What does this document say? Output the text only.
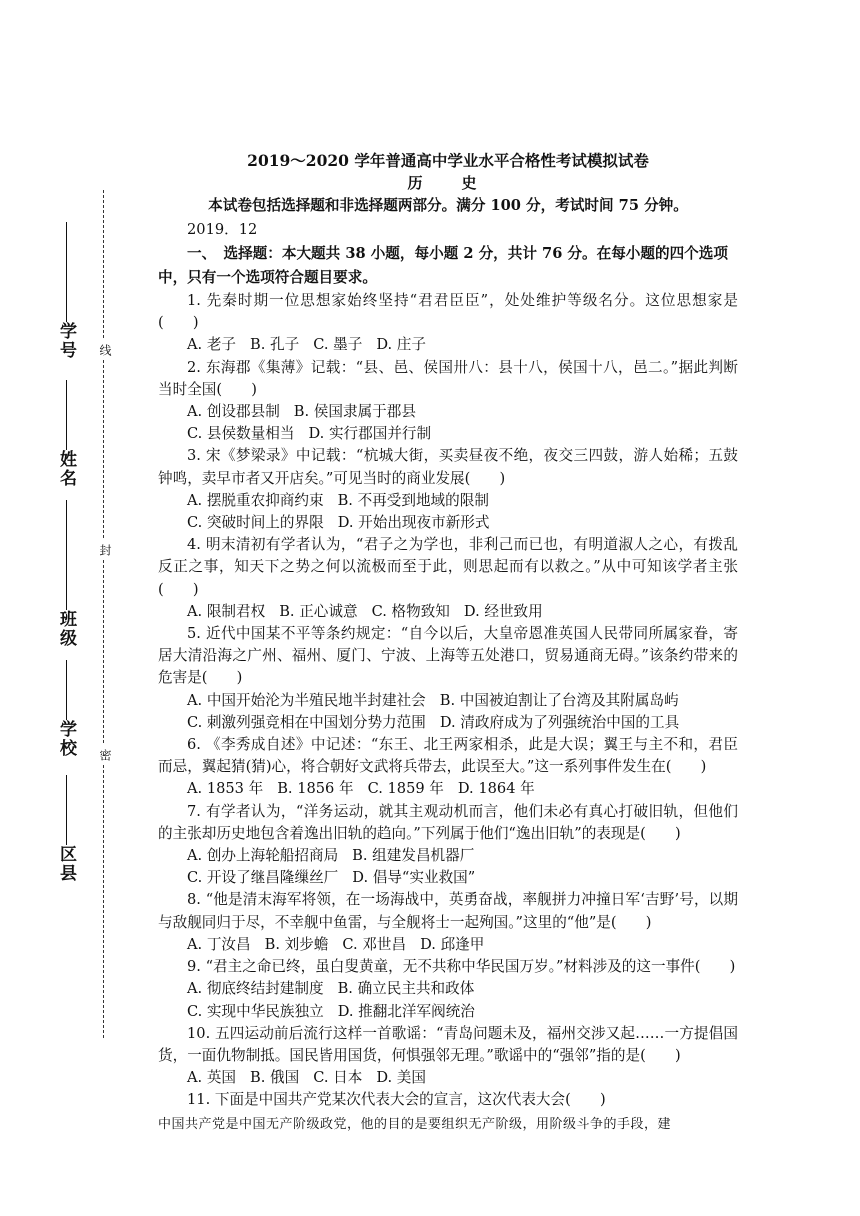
线
封
密
学号
姓名
班级
学校
区县

2019～2020 学年普通高中学业水平合格性考试模拟试卷

历　史

本试卷包括选择题和非选择题两部分。满分 100 分，考试时间 75 分钟。

2019．12

一、　选择题：本大题共 38 小题，每小题 2 分，共计 76 分。在每小题的四个选项中，只有一个选项符合题目要求。

1. 先秦时期一位思想家始终坚持“君君臣臣”，处处维护等级名分。这位思想家是(　　)

A. 老子 B. 孔子 C. 墨子 D. 庄子

2. 东海郡《集薄》记载：“县、邑、侯国卅八：县十八，侯国十八，邑二。”据此判断当时全国(　　)

A. 创设郡县制 B. 侯国隶属于郡县

C. 县侯数量相当 D. 实行郡国并行制

3. 宋《梦梁录》中记载：“杭城大街，买卖昼夜不绝，夜交三四鼓，游人始稀；五鼓钟鸣，卖早市者又开店矣。”可见当时的商业发展(　　)

A. 摆脱重农抑商约束 B. 不再受到地域的限制

C. 突破时间上的界限 D. 开始出现夜市新形式

4. 明末清初有学者认为，“君子之为学也，非利己而已也，有明道淑人之心，有拨乱反正之事，知天下之势之何以流极而至于此，则思起而有以救之。”从中可知该学者主张(　　)

A. 限制君权 B. 正心诚意 C. 格物致知 D. 经世致用

5. 近代中国某不平等条约规定：“自今以后，大皇帝恩准英国人民带同所属家眷，寄居大清沿海之广州、福州、厦门、宁波、上海等五处港口，贸易通商无碍。”该条约带来的危害是(　　)

A. 中国开始沦为半殖民地半封建社会 B. 中国被迫割让了台湾及其附属岛屿

C. 刺激列强竞相在中国划分势力范围 D. 清政府成为了列强统治中国的工具

6. 《李秀成自述》中记述：“东王、北王两家相杀，此是大误；翼王与主不和，君臣而忌，翼起猜(猜)心，将合朝好文武将兵带去，此误至大。”这一系列事件发生在(　　)

A. 1853 年 B. 1856 年 C. 1859 年 D. 1864 年

7. 有学者认为，“洋务运动，就其主观动机而言，他们未必有真心打破旧轨，但他们的主张却历史地包含着逸出旧轨的趋向。”下列属于他们“逸出旧轨”的表现是(　　)

A. 创办上海轮船招商局 B. 组建发昌机器厂

C. 开设了继昌隆缫丝厂 D. 倡导“实业救国”

8. “他是清末海军将领，在一场海战中，英勇奋战，率舰拼力冲撞日军‘吉野’号，以期与敌舰同归于尽，不幸舰中鱼雷，与全舰将士一起殉国。”这里的“他”是(　　)

A. 丁汝昌 B. 刘步蟾 C. 邓世昌 D. 邱逢甲

9. “君主之命已终，虽白叟黄童，无不共称中华民国万岁。”材料涉及的这一事件(　　)

A. 彻底终结封建制度 B. 确立民主共和政体

C. 实现中华民族独立 D. 推翻北洋军阀统治

10. 五四运动前后流行这样一首歌谣：“青岛问题未及，福州交涉又起……一方提倡国货，一面仇物制抵。国民皆用国货，何惧强邻无理。”歌谣中的“强邻”指的是(　　)

A. 英国 B. 俄国 C. 日本 D. 美国

11. 下面是中国共产党某次代表大会的宣言，这次代表大会(　　)

中国共产党是中国无产阶级政党，他的目的是要组织无产阶级，用阶级斗争的手段，建
